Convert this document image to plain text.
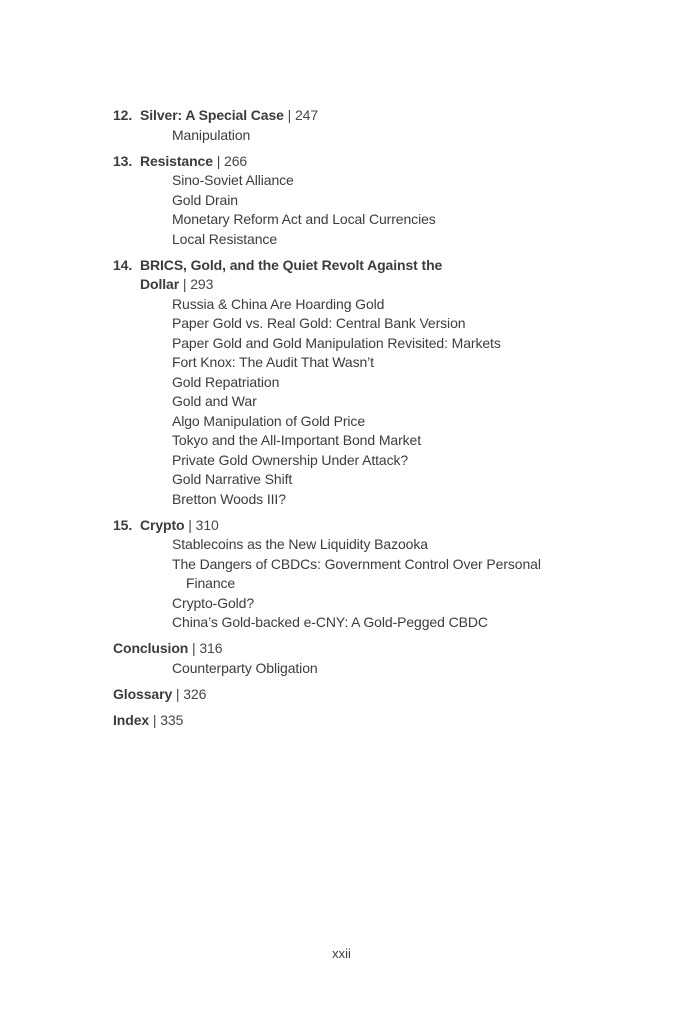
12. Silver: A Special Case | 247
Manipulation
13. Resistance | 266
Sino-Soviet Alliance
Gold Drain
Monetary Reform Act and Local Currencies
Local Resistance
14. BRICS, Gold, and the Quiet Revolt Against the Dollar | 293
Russia & China Are Hoarding Gold
Paper Gold vs. Real Gold: Central Bank Version
Paper Gold and Gold Manipulation Revisited: Markets
Fort Knox: The Audit That Wasn’t
Gold Repatriation
Gold and War
Algo Manipulation of Gold Price
Tokyo and the All-Important Bond Market
Private Gold Ownership Under Attack?
Gold Narrative Shift
Bretton Woods III?
15. Crypto | 310
Stablecoins as the New Liquidity Bazooka
The Dangers of CBDCs: Government Control Over Personal Finance
Crypto-Gold?
China’s Gold-backed e-CNY: A Gold-Pegged CBDC
Conclusion | 316
Counterparty Obligation
Glossary | 326
Index | 335
xxii
